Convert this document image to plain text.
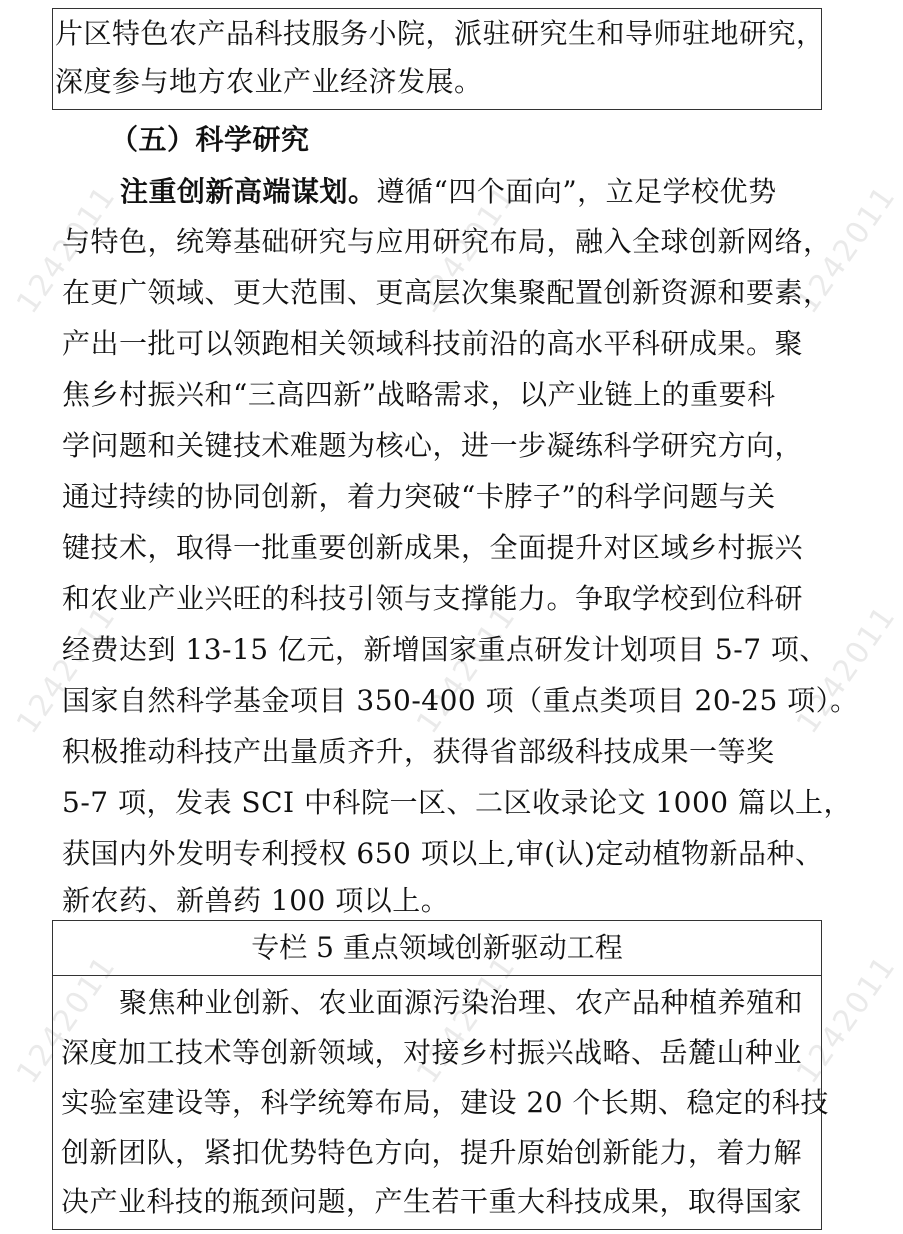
1242011	1242011	1242011
1242011	1242011	1242011
1242011	1242011	1242011
片区特色农产品科技服务小院，派驻研究生和导师驻地研究，
深度参与地方农业产业经济发展。
（五）科学研究
注重创新高端谋划。遵循“四个面向”，立足学校优势
与特色，统筹基础研究与应用研究布局，融入全球创新网络，
在更广领域、更大范围、更高层次集聚配置创新资源和要素，
产出一批可以领跑相关领域科技前沿的高水平科研成果。聚
焦乡村振兴和“三高四新”战略需求，以产业链上的重要科
学问题和关键技术难题为核心，进一步凝练科学研究方向，
通过持续的协同创新，着力突破“卡脖子”的科学问题与关
键技术，取得一批重要创新成果，全面提升对区域乡村振兴
和农业产业兴旺的科技引领与支撑能力。争取学校到位科研
经费达到 13-15 亿元，新增国家重点研发计划项目 5-7 项、
国家自然科学基金项目 350-400 项（重点类项目 20-25 项）。
积极推动科技产出量质齐升，获得省部级科技成果一等奖
5-7 项，发表 SCI 中科院一区、二区收录论文 1000 篇以上，
获国内外发明专利授权 650 项以上,审(认)定动植物新品种、
新农药、新兽药 100 项以上。
专栏 5 重点领域创新驱动工程
聚焦种业创新、农业面源污染治理、农产品种植养殖和
深度加工技术等创新领域，对接乡村振兴战略、岳麓山种业
实验室建设等，科学统筹布局，建设 20 个长期、稳定的科技
创新团队，紧扣优势特色方向，提升原始创新能力，着力解
决产业科技的瓶颈问题，产生若干重大科技成果，取得国家
